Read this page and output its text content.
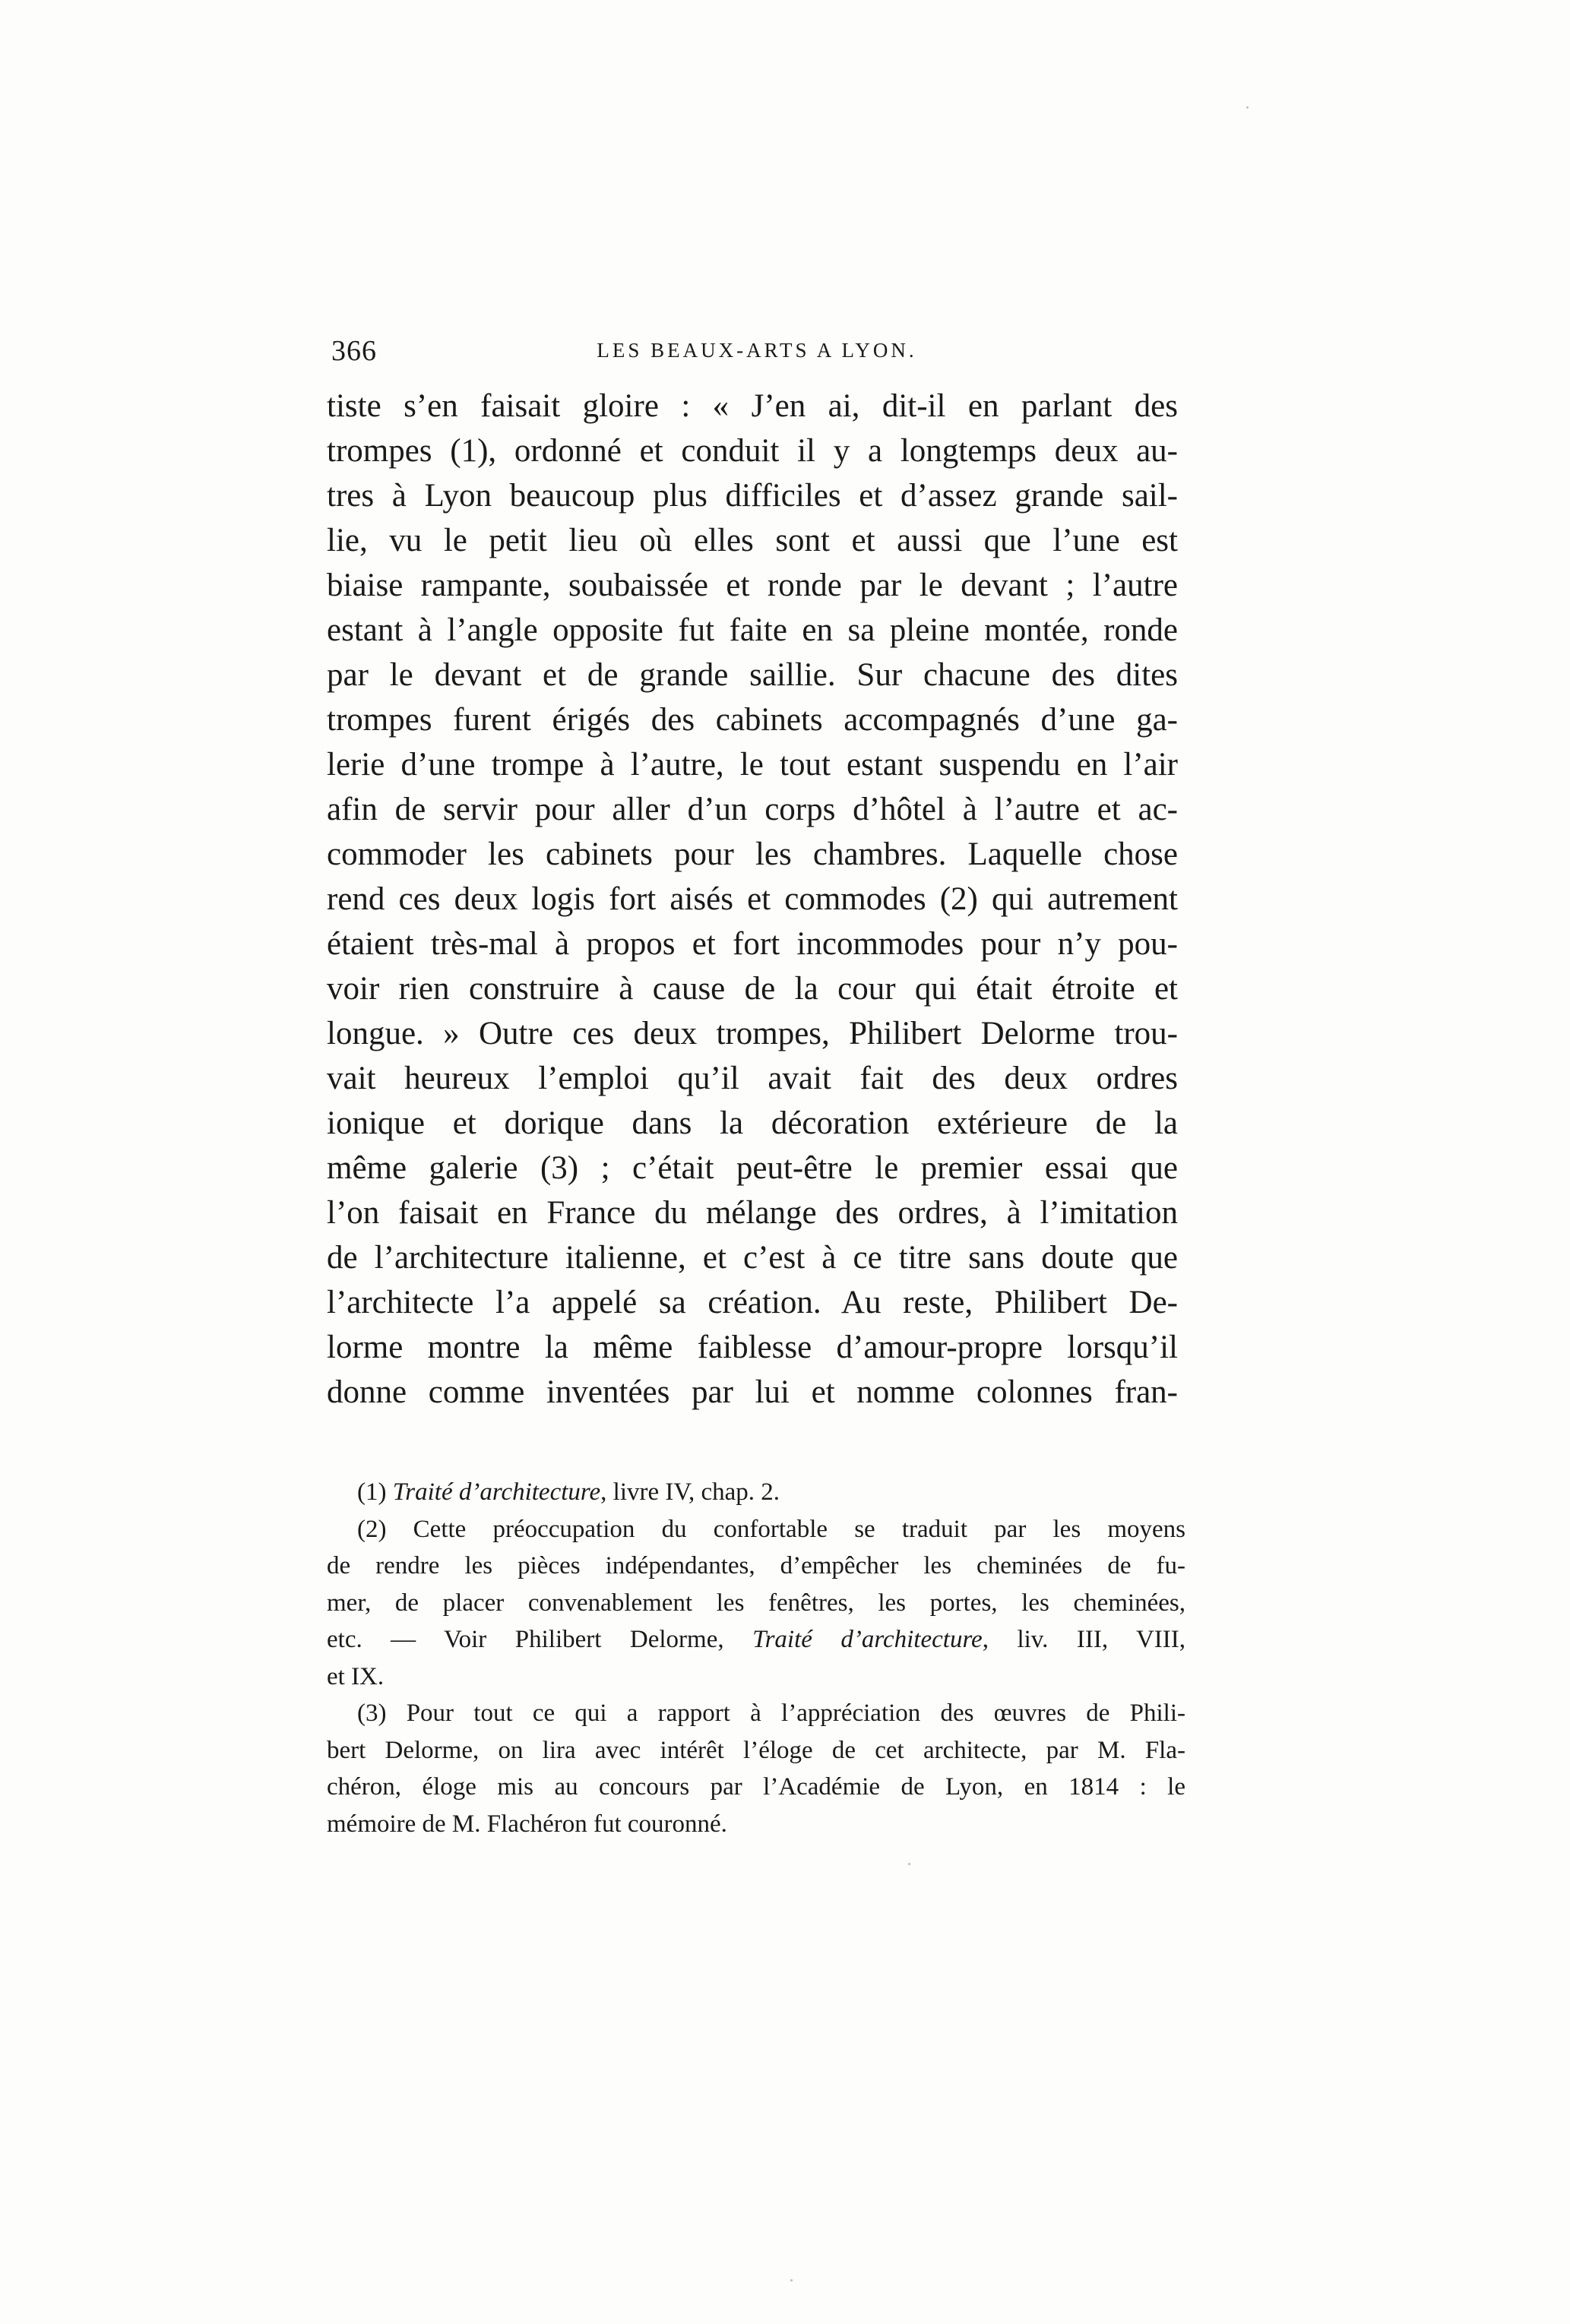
366	LES BEAUX-ARTS A LYON.
tiste s’en faisait gloire : « J’en ai, dit-il en parlant des
trompes (1), ordonné et conduit il y a longtemps deux au-
tres à Lyon beaucoup plus difficiles et d’assez grande sail-
lie, vu le petit lieu où elles sont et aussi que l’une est
biaise rampante, soubaissée et ronde par le devant ; l’autre
estant à l’angle opposite fut faite en sa pleine montée, ronde
par le devant et de grande saillie. Sur chacune des dites
trompes furent érigés des cabinets accompagnés d’une ga-
lerie d’une trompe à l’autre, le tout estant suspendu en l’air
afin de servir pour aller d’un corps d’hôtel à l’autre et ac-
commoder les cabinets pour les chambres. Laquelle chose
rend ces deux logis fort aisés et commodes (2) qui autrement
étaient très-mal à propos et fort incommodes pour n’y pou-
voir rien construire à cause de la cour qui était étroite et
longue. » Outre ces deux trompes, Philibert Delorme trou-
vait heureux l’emploi qu’il avait fait des deux ordres
ionique et dorique dans la décoration extérieure de la
même galerie (3) ; c’était peut-être le premier essai que
l’on faisait en France du mélange des ordres, à l’imitation
de l’architecture italienne, et c’est à ce titre sans doute que
l’architecte l’a appelé sa création. Au reste, Philibert De-
lorme montre la même faiblesse d’amour-propre lorsqu’il
donne comme inventées par lui et nomme colonnes fran-
(1) Traité d’architecture, livre IV, chap. 2.
(2) Cette préoccupation du confortable se traduit par les moyens
de rendre les pièces indépendantes, d’empêcher les cheminées de fu-
mer, de placer convenablement les fenêtres, les portes, les cheminées,
etc. — Voir Philibert Delorme, Traité d’architecture, liv. III, VIII,
et IX.
(3) Pour tout ce qui a rapport à l’appréciation des œuvres de Phili-
bert Delorme, on lira avec intérêt l’éloge de cet architecte, par M. Fla-
chéron, éloge mis au concours par l’Académie de Lyon, en 1814 : le
mémoire de M. Flachéron fut couronné.
